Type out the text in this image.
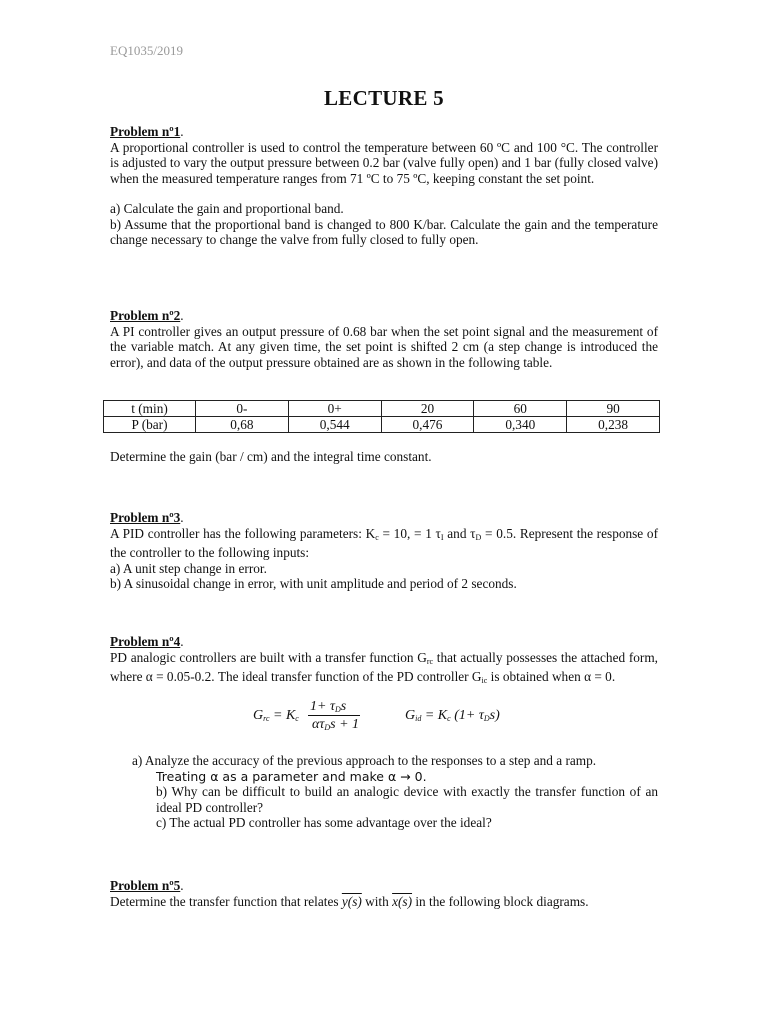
EQ1035/2019
LECTURE 5
Problem nº1.
A proportional controller is used to control the temperature between 60 ºC and 100 °C. The controller is adjusted to vary the output pressure between 0.2 bar (valve fully open) and 1 bar (fully closed valve) when the measured temperature ranges from 71 ºC to 75 ºC, keeping constant the set point.
a) Calculate the gain and proportional band.
b) Assume that the proportional band is changed to 800 K/bar. Calculate the gain and the temperature change necessary to change the valve from fully closed to fully open.
Problem nº2.
A PI controller gives an output pressure of 0.68 bar when the set point signal and the measurement of the variable match. At any given time, the set point is shifted 2 cm (a step change is introduced the error), and data of the output pressure obtained are as shown in the following table.
t (min)	0-	0+	20	60	90
P (bar)	0,68	0,544	0,476	0,340	0,238
Determine the gain (bar / cm) and the integral time constant.
Problem nº3.
A PID controller has the following parameters: $K_c = 10$, = 1 $\tau_I$ and $\tau_D = 0.5$. Represent the response of the controller to the following inputs:
a) A unit step change in error.
b) A sinusoidal change in error, with unit amplitude and period of 2 seconds.
Problem nº4.
PD analogic controllers are built with a transfer function $G_{rc}$ that actually possesses the attached form, where α = 0.05-0.2. The ideal transfer function of the PD controller $G_{ic}$ is obtained when α = 0.
$G_{rc} = K_c$
$1+ \tau_Ds$
$\alpha\tau_Ds + 1$
$G_{id} = K_c$ $(1+ \tau_Ds)$
a) Analyze the accuracy of the previous approach to the responses to a step and a ramp.
Treating α as a parameter and make α → 0.
b) Why can be difficult to build an analogic device with exactly the transfer function of an ideal PD controller?
c) The actual PD controller has some advantage over the ideal?
Problem nº5.
Determine the transfer function that relates y(s) with x(s) in the following block diagrams.
